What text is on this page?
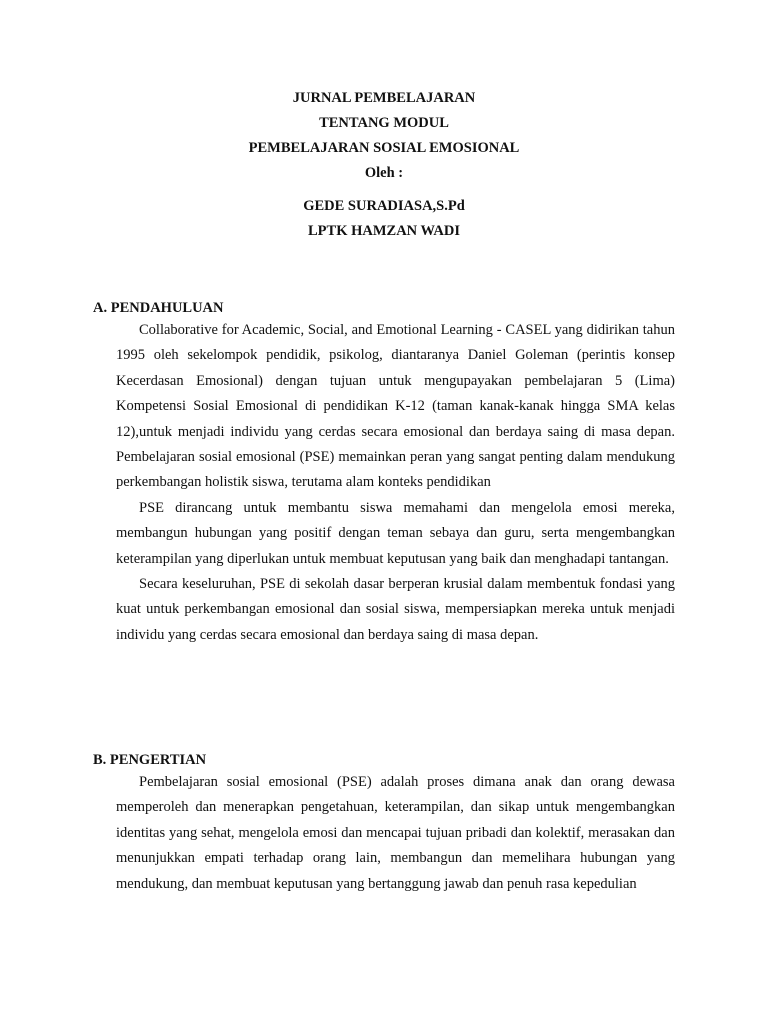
JURNAL PEMBELAJARAN
TENTANG MODUL
PEMBELAJARAN SOSIAL EMOSIONAL
Oleh :
GEDE SURADIASA,S.Pd
LPTK HAMZAN WADI
A. PENDAHULUAN

Collaborative for Academic, Social, and Emotional Learning - CASEL yang didirikan tahun 1995 oleh sekelompok pendidik, psikolog, diantaranya Daniel Goleman (perintis konsep Kecerdasan Emosional) dengan tujuan untuk mengupayakan pembelajaran 5 (Lima) Kompetensi Sosial Emosional di pendidikan K-12 (taman kanak-kanak hingga SMA kelas 12),untuk menjadi individu yang cerdas secara emosional dan berdaya saing di masa depan. Pembelajaran sosial emosional (PSE) memainkan peran yang sangat penting dalam mendukung perkembangan holistik siswa, terutama alam konteks pendidikan

PSE dirancang untuk membantu siswa memahami dan mengelola emosi mereka, membangun hubungan yang positif dengan teman sebaya dan guru, serta mengembangkan keterampilan yang diperlukan untuk membuat keputusan yang baik dan menghadapi tantangan.

Secara keseluruhan, PSE di sekolah dasar berperan krusial dalam membentuk fondasi yang kuat untuk perkembangan emosional dan sosial siswa, mempersiapkan mereka untuk menjadi individu yang cerdas secara emosional dan berdaya saing di masa depan.

B. PENGERTIAN

Pembelajaran sosial emosional (PSE) adalah proses dimana anak dan orang dewasa memperoleh dan menerapkan pengetahuan, keterampilan, dan sikap untuk mengembangkan identitas yang sehat, mengelola emosi dan mencapai tujuan pribadi dan kolektif, merasakan dan menunjukkan empati terhadap orang lain, membangun dan memelihara hubungan yang mendukung, dan membuat keputusan yang bertanggung jawab dan penuh rasa kepedulian
